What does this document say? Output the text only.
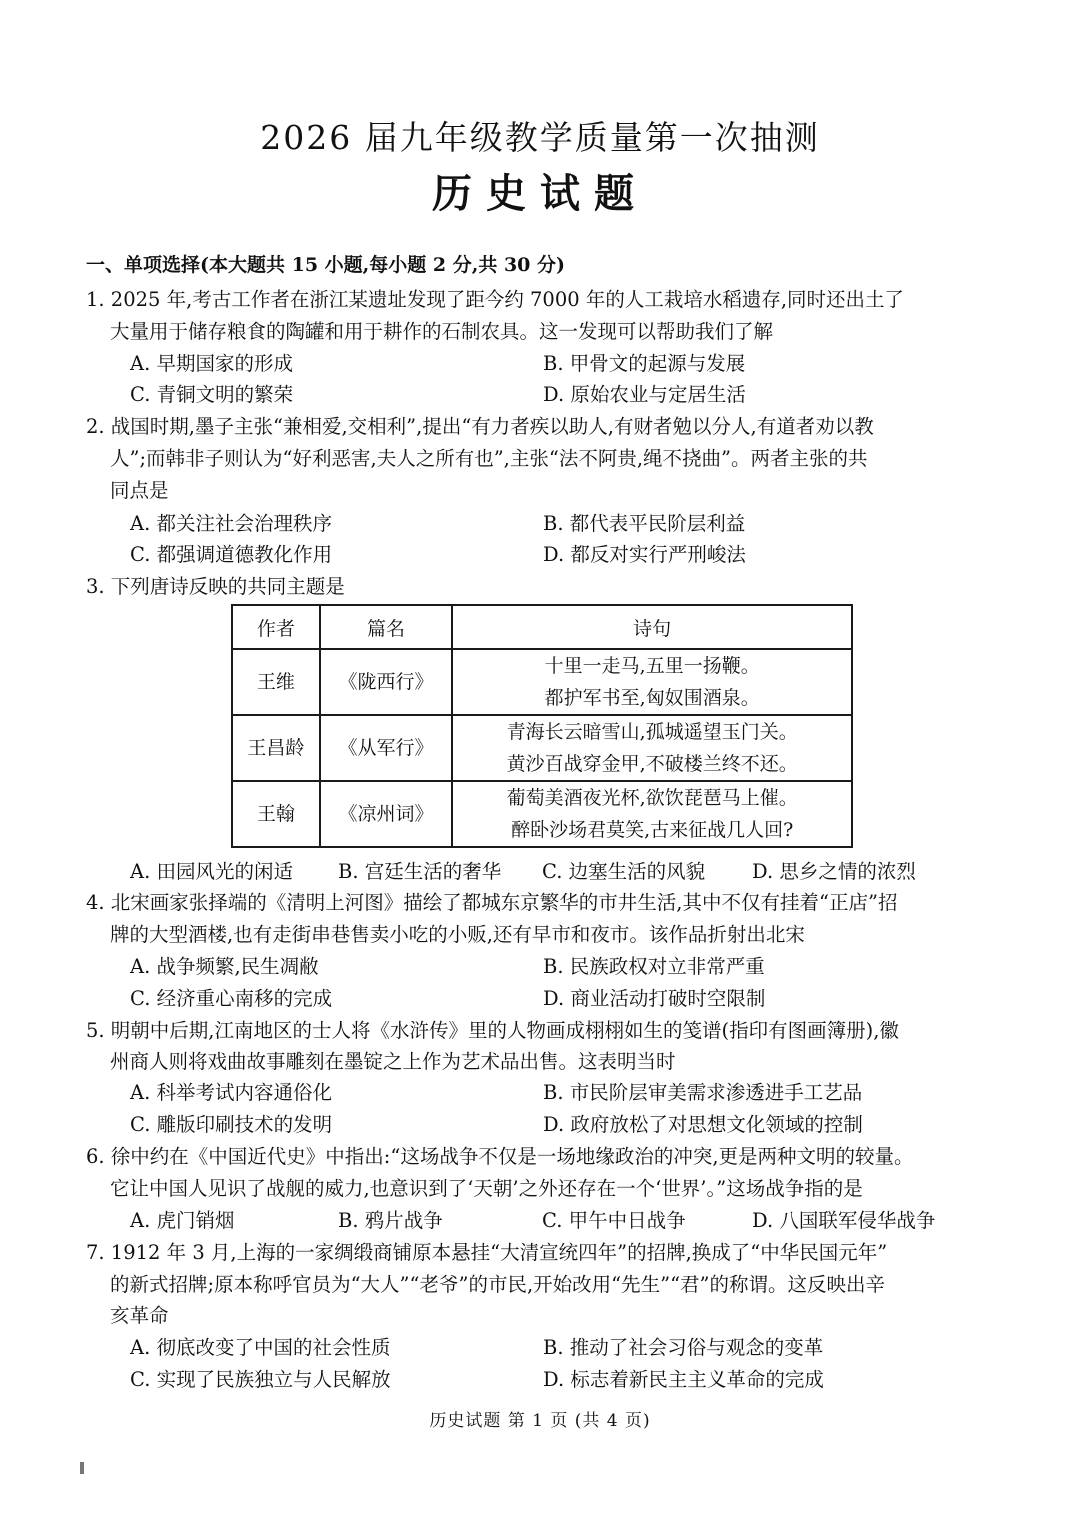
2026 届九年级教学质量第一次抽测
历史试题
一、单项选择(本大题共 15 小题,每小题 2 分,共 30 分)
1. 2025 年,考古工作者在浙江某遗址发现了距今约 7000 年的人工栽培水稻遗存,同时还出土了
大量用于储存粮食的陶罐和用于耕作的石制农具。这一发现可以帮助我们了解
A. 早期国家的形成	B. 甲骨文的起源与发展
C. 青铜文明的繁荣	D. 原始农业与定居生活
2. 战国时期,墨子主张“兼相爱,交相利”,提出“有力者疾以助人,有财者勉以分人,有道者劝以教
人”;而韩非子则认为“好利恶害,夫人之所有也”,主张“法不阿贵,绳不挠曲”。两者主张的共
同点是
A. 都关注社会治理秩序	B. 都代表平民阶层利益
C. 都强调道德教化作用	D. 都反对实行严刑峻法
3. 下列唐诗反映的共同主题是
作者	篇名	诗句
王维	《陇西行》	十里一走马,五里一扬鞭。
都护军书至,匈奴围酒泉。

王昌龄	《从军行》	青海长云暗雪山,孤城遥望玉门关。
黄沙百战穿金甲,不破楼兰终不还。

王翰	《凉州词》	葡萄美酒夜光杯,欲饮琵琶马上催。
醉卧沙场君莫笑,古来征战几人回?
A. 田园风光的闲适 B. 宫廷生活的奢华 C. 边塞生活的风貌 D. 思乡之情的浓烈
4. 北宋画家张择端的《清明上河图》描绘了都城东京繁华的市井生活,其中不仅有挂着“正店”招
牌的大型酒楼,也有走街串巷售卖小吃的小贩,还有早市和夜市。该作品折射出北宋
A. 战争频繁,民生凋敝	B. 民族政权对立非常严重
C. 经济重心南移的完成	D. 商业活动打破时空限制
5. 明朝中后期,江南地区的士人将《水浒传》里的人物画成栩栩如生的笺谱(指印有图画簿册),徽
州商人则将戏曲故事雕刻在墨锭之上作为艺术品出售。这表明当时
A. 科举考试内容通俗化	B. 市民阶层审美需求渗透进手工艺品
C. 雕版印刷技术的发明	D. 政府放松了对思想文化领域的控制
6. 徐中约在《中国近代史》中指出:“这场战争不仅是一场地缘政治的冲突,更是两种文明的较量。
它让中国人见识了战舰的威力,也意识到了‘天朝’之外还存在一个‘世界’。”这场战争指的是
A. 虎门销烟	B. 鸦片战争	C. 甲午中日战争	D. 八国联军侵华战争
7. 1912 年 3 月,上海的一家绸缎商铺原本悬挂“大清宣统四年”的招牌,换成了“中华民国元年”
的新式招牌;原本称呼官员为“大人”“老爷”的市民,开始改用“先生”“君”的称谓。这反映出辛
亥革命
A. 彻底改变了中国的社会性质	B. 推动了社会习俗与观念的变革
C. 实现了民族独立与人民解放	D. 标志着新民主主义革命的完成
历史试题 第 1 页 (共 4 页)
